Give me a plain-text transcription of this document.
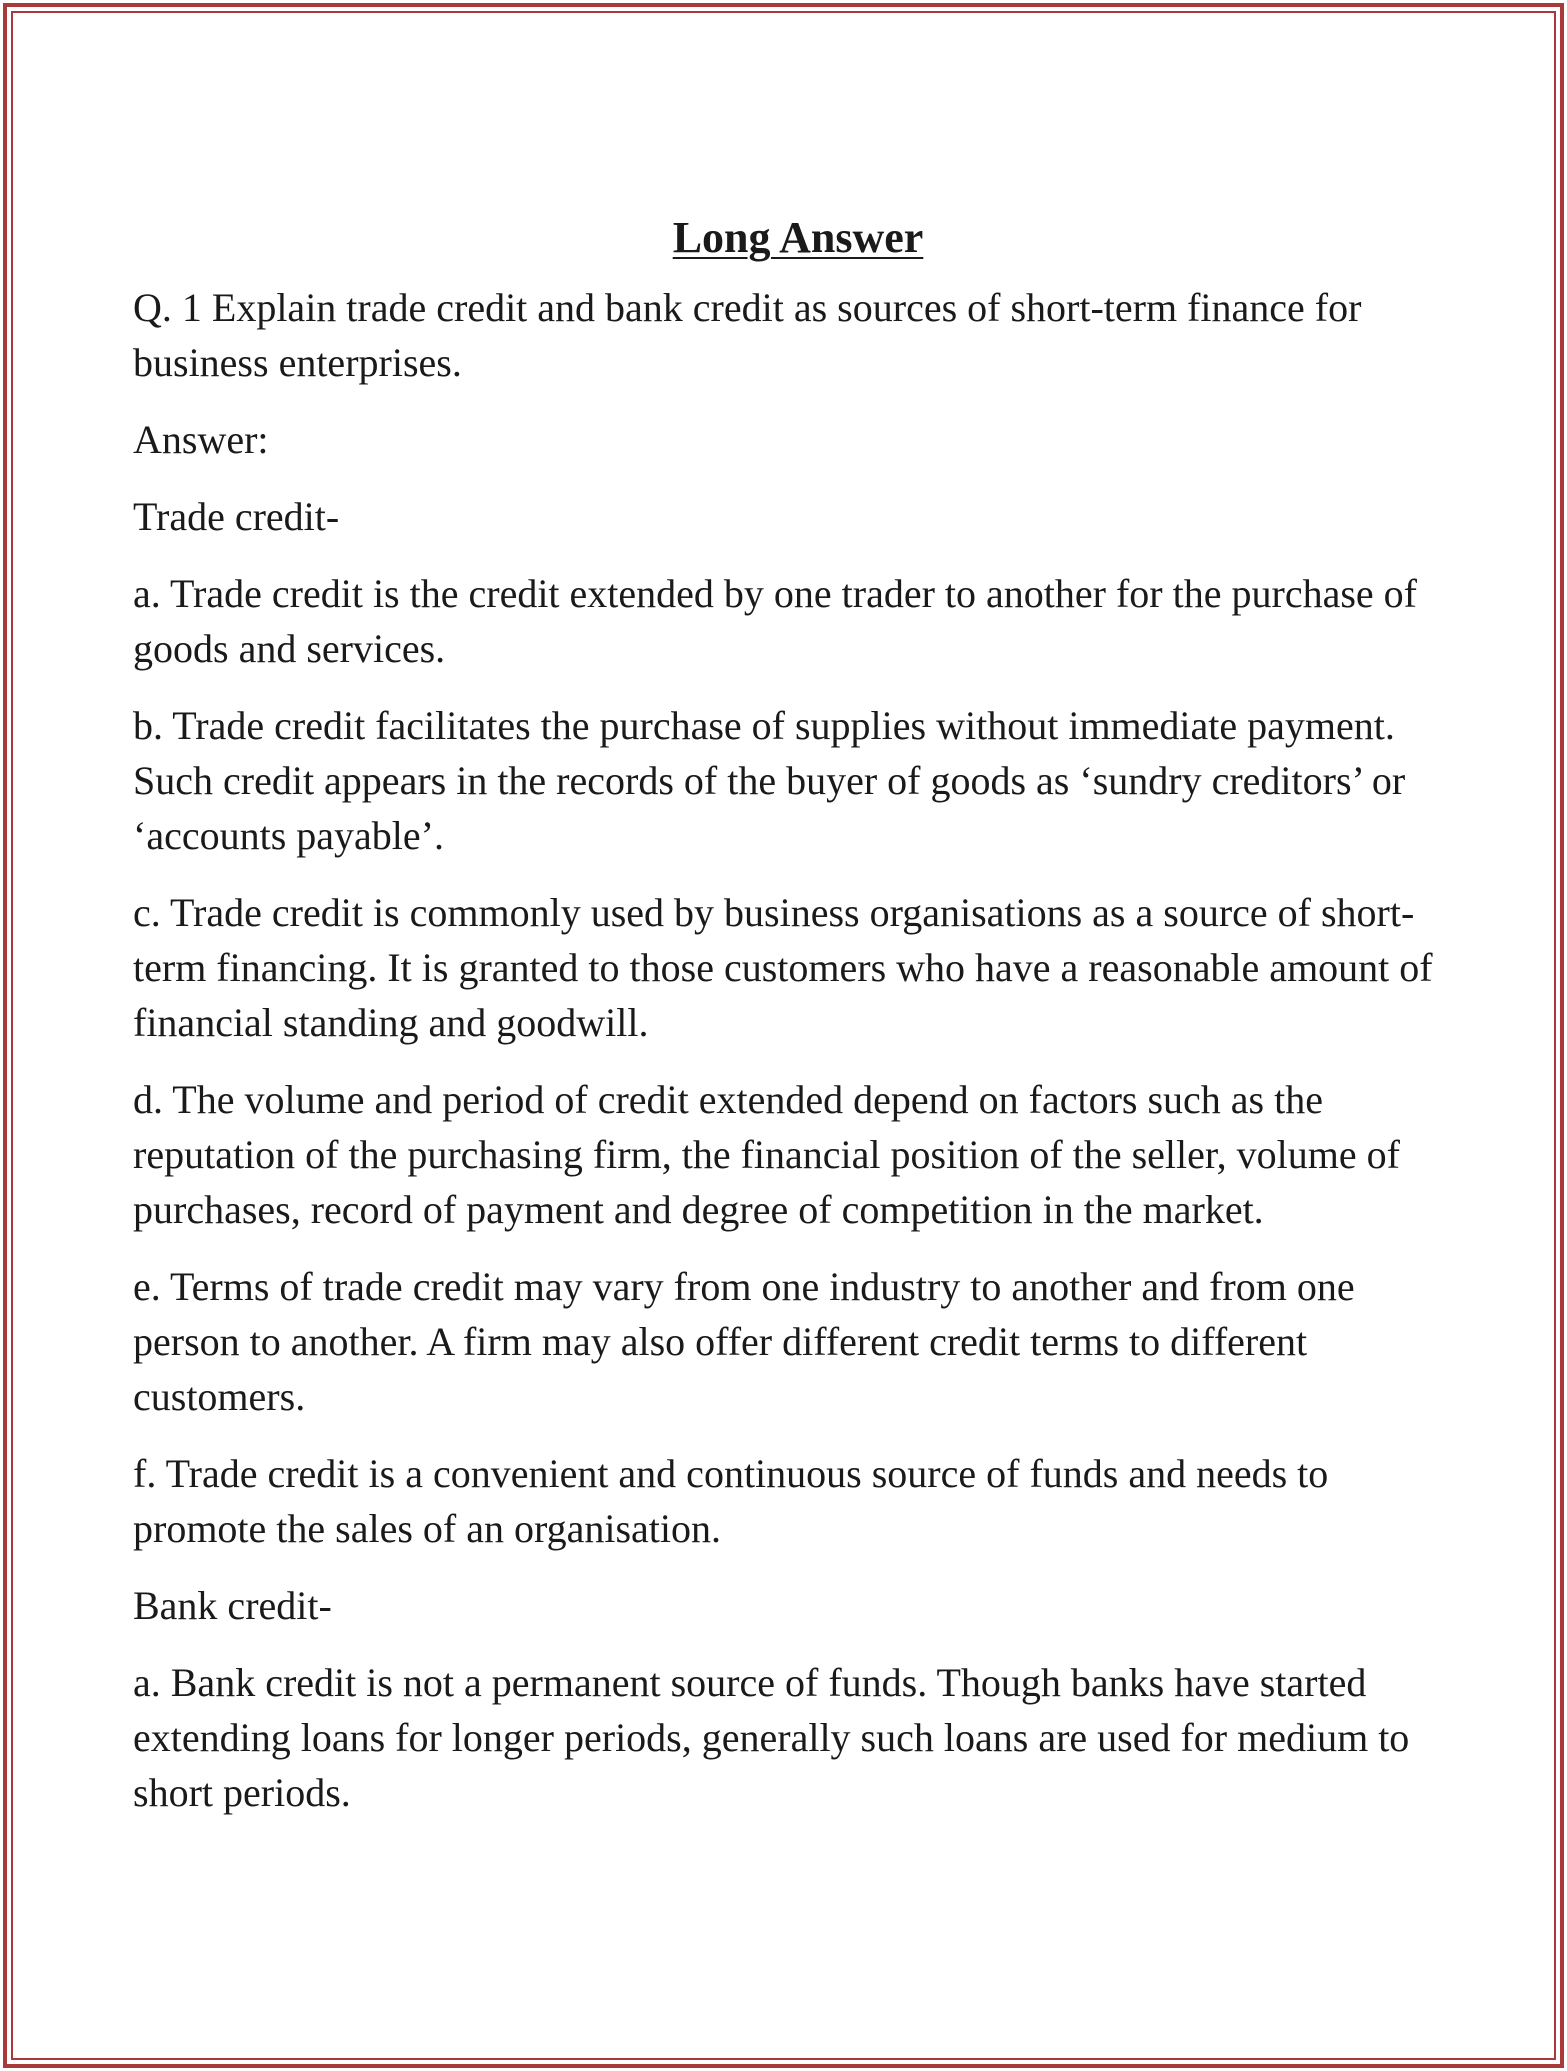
Long Answer

Q. 1 Explain trade credit and bank credit as sources of short-term finance for business enterprises.

Answer:

Trade credit-

a. Trade credit is the credit extended by one trader to another for the purchase of goods and services.

b. Trade credit facilitates the purchase of supplies without immediate payment. Such credit appears in the records of the buyer of goods as ‘sundry creditors’ or ‘accounts payable’.

c. Trade credit is commonly used by business organisations as a source of short-term financing. It is granted to those customers who have a reasonable amount of financial standing and goodwill.

d. The volume and period of credit extended depend on factors such as the reputation of the purchasing firm, the financial position of the seller, volume of purchases, record of payment and degree of competition in the market.

e. Terms of trade credit may vary from one industry to another and from one person to another. A firm may also offer different credit terms to different customers.

f. Trade credit is a convenient and continuous source of funds and needs to promote the sales of an organisation.

Bank credit-

a. Bank credit is not a permanent source of funds. Though banks have started extending loans for longer periods, generally such loans are used for medium to short periods.
